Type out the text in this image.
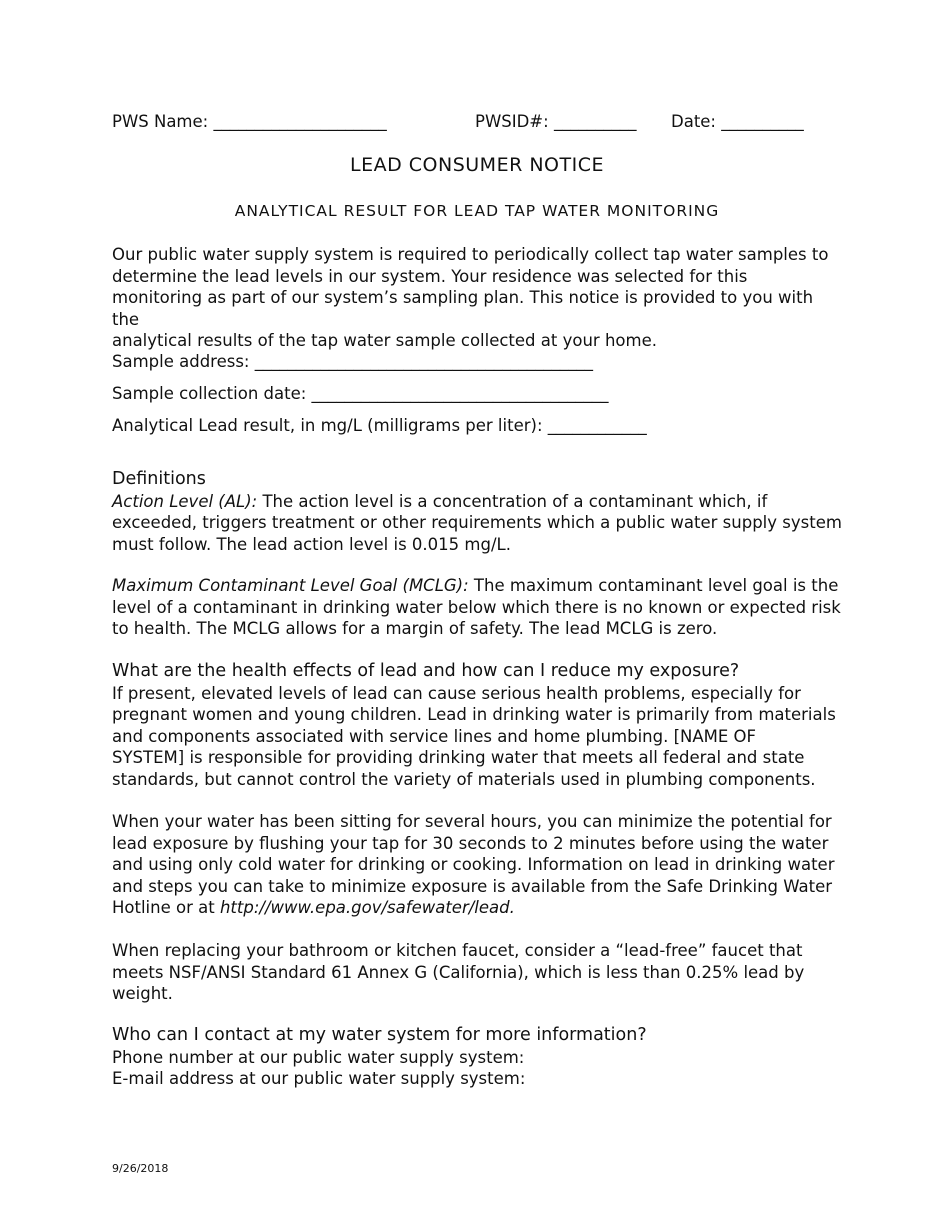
PWS Name: _____________________	PWSID#: __________ Date: __________
LEAD CONSUMER NOTICE
ANALYTICAL RESULT FOR LEAD TAP WATER MONITORING

Our public water supply system is required to periodically collect tap water samples to

determine the lead levels in our system. Your residence was selected for this

monitoring as part of our system’s sampling plan. This notice is provided to you with the

analytical results of the tap water sample collected at your home.

Sample address: _________________________________________
Sample collection date: ____________________________________
Analytical Lead result, in mg/L (milligrams per liter): ____________

Definitions

Action Level (AL): The action level is a concentration of a contaminant which, if

exceeded, triggers treatment or other requirements which a public water supply system

must follow. The lead action level is 0.015 mg/L.

Maximum Contaminant Level Goal (MCLG): The maximum contaminant level goal is the

level of a contaminant in drinking water below which there is no known or expected risk

to health. The MCLG allows for a margin of safety. The lead MCLG is zero.

What are the health effects of lead and how can I reduce my exposure?

If present, elevated levels of lead can cause serious health problems, especially for

pregnant women and young children. Lead in drinking water is primarily from materials

and components associated with service lines and home plumbing. [NAME OF

SYSTEM] is responsible for providing drinking water that meets all federal and state

standards, but cannot control the variety of materials used in plumbing components.

When your water has been sitting for several hours, you can minimize the potential for

lead exposure by flushing your tap for 30 seconds to 2 minutes before using the water

and using only cold water for drinking or cooking. Information on lead in drinking water

and steps you can take to minimize exposure is available from the Safe Drinking Water

Hotline or at http://www.epa.gov/safewater/lead.

When replacing your bathroom or kitchen faucet, consider a “lead-free” faucet that

meets NSF/ANSI Standard 61 Annex G (California), which is less than 0.25% lead by

weight.

Who can I contact at my water system for more information?

Phone number at our public water supply system:

E-mail address at our public water supply system:

9/26/2018
